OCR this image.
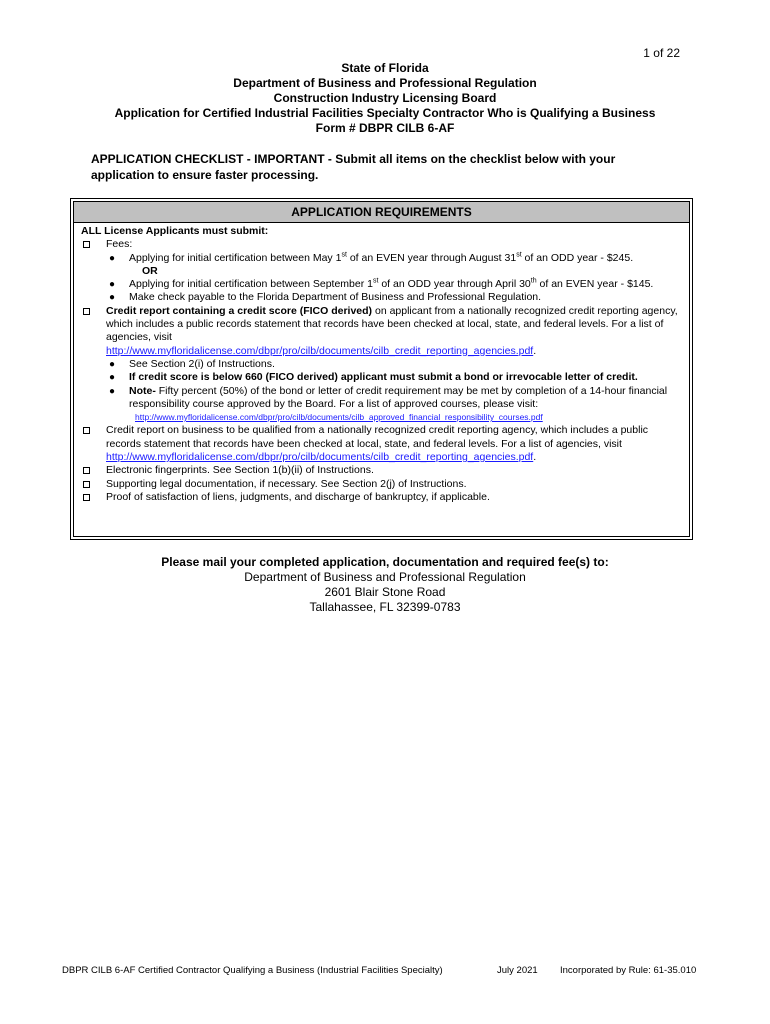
1 of 22
State of Florida
Department of Business and Professional Regulation
Construction Industry Licensing Board
Application for Certified Industrial Facilities Specialty Contractor Who is Qualifying a Business
Form # DBPR CILB 6-AF
APPLICATION CHECKLIST - IMPORTANT - Submit all items on the checklist below with your application to ensure faster processing.
APPLICATION REQUIREMENTS
ALL License Applicants must submit:
Fees:
● Applying for initial certification between May 1st of an EVEN year through August 31st of an ODD year - $245.
OR
● Applying for initial certification between September 1st of an ODD year through April 30th of an EVEN year - $145.
● Make check payable to the Florida Department of Business and Professional Regulation.
Credit report containing a credit score (FICO derived) on applicant from a nationally recognized credit reporting agency, which includes a public records statement that records have been checked at local, state, and federal levels. For a list of agencies, visit
http://www.myfloridalicense.com/dbpr/pro/cilb/documents/cilb_credit_reporting_agencies.pdf.
● See Section 2(i) of Instructions.
● If credit score is below 660 (FICO derived) applicant must submit a bond or irrevocable letter of credit.
● Note- Fifty percent (50%) of the bond or letter of credit requirement may be met by completion of a 14-hour financial responsibility course approved by the Board. For a list of approved courses, please visit:
http://www.myfloridalicense.com/dbpr/pro/cilb/documents/cilb_approved_financial_responsibility_courses.pdf
Credit report on business to be qualified from a nationally recognized credit reporting agency, which includes a public records statement that records have been checked at local, state, and federal levels. For a list of agencies, visit
http://www.myfloridalicense.com/dbpr/pro/cilb/documents/cilb_credit_reporting_agencies.pdf.
Electronic fingerprints. See Section 1(b)(ii) of Instructions.
Supporting legal documentation, if necessary. See Section 2(j) of Instructions.
Proof of satisfaction of liens, judgments, and discharge of bankruptcy, if applicable.
Please mail your completed application, documentation and required fee(s) to:
Department of Business and Professional Regulation
2601 Blair Stone Road
Tallahassee, FL 32399-0783
DBPR CILB 6-AF Certified Contractor Qualifying a Business (Industrial Facilities Specialty)	July 2021 Incorporated by Rule: 61-35.010
